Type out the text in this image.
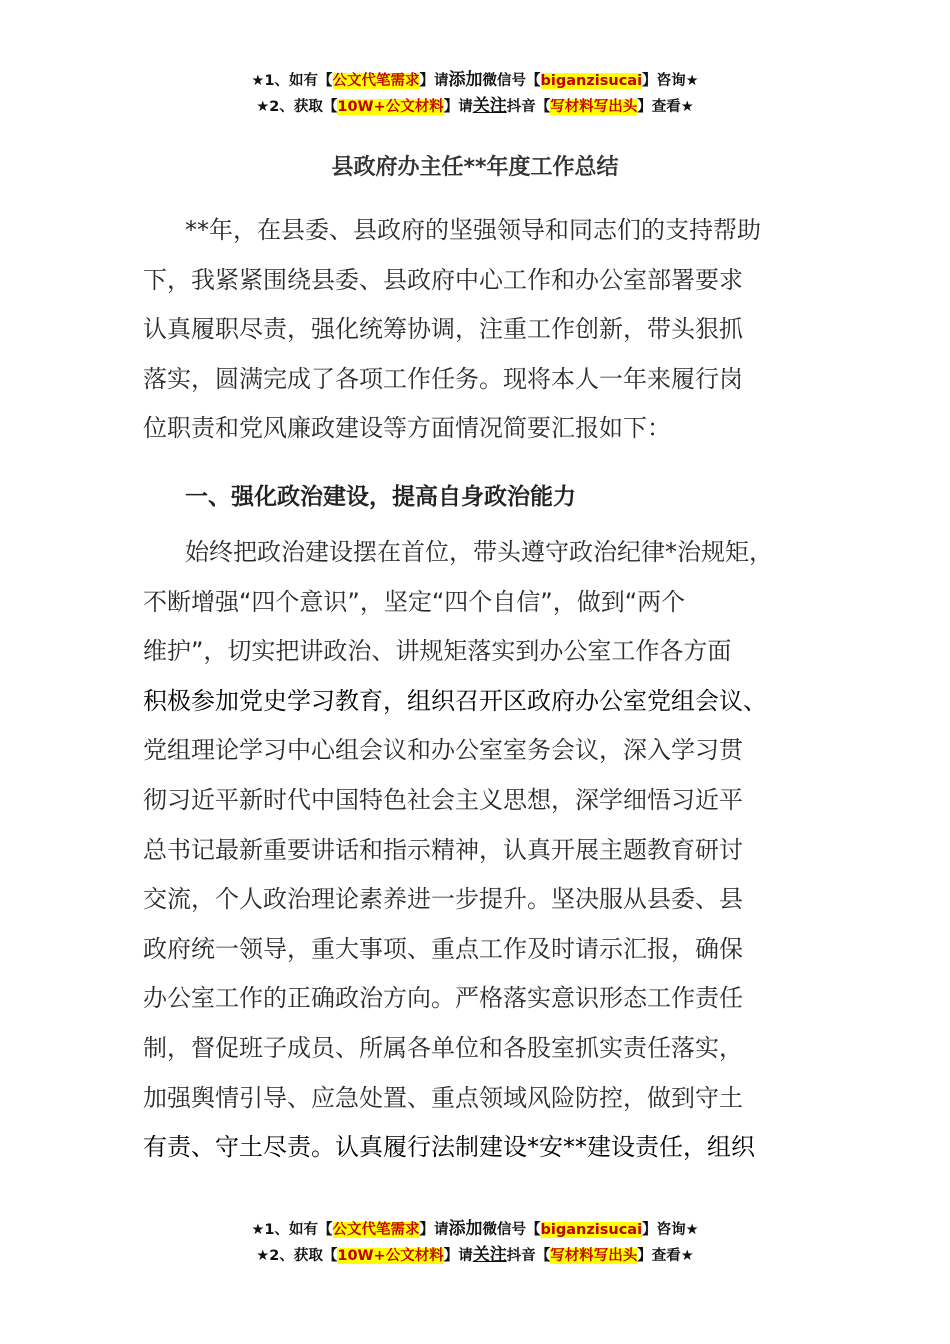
★1、如有【公文代笔需求】请添加微信号【biganzisucai】咨询★
★2、获取【10W+公文材料】请关注抖音【写材料写出头】查看★
县政府办主任**年度工作总结
**年，在县委、县政府的坚强领导和同志们的支持帮助
下，我紧紧围绕县委、县政府中心工作和办公室部署要求
认真履职尽责，强化统筹协调，注重工作创新，带头狠抓
落实，圆满完成了各项工作任务。现将本人一年来履行岗
位职责和党风廉政建设等方面情况简要汇报如下：
一、强化政治建设，提高自身政治能力
始终把政治建设摆在首位，带头遵守政治纪律*治规矩，
不断增强“四个意识”，坚定“四个自信”，做到“两个
维护”，切实把讲政治、讲规矩落实到办公室工作各方面
积极参加党史学习教育，组织召开区政府办公室党组会议、
党组理论学习中心组会议和办公室室务会议，深入学习贯
彻习近平新时代中国特色社会主义思想，深学细悟习近平
总书记最新重要讲话和指示精神，认真开展主题教育研讨
交流，个人政治理论素养进一步提升。坚决服从县委、县
政府统一领导，重大事项、重点工作及时请示汇报，确保
办公室工作的正确政治方向。严格落实意识形态工作责任
制，督促班子成员、所属各单位和各股室抓实责任落实，
加强舆情引导、应急处置、重点领域风险防控，做到守土
有责、守土尽责。认真履行法制建设*安**建设责任，组织
★1、如有【公文代笔需求】请添加微信号【biganzisucai】咨询★
★2、获取【10W+公文材料】请关注抖音【写材料写出头】查看★
